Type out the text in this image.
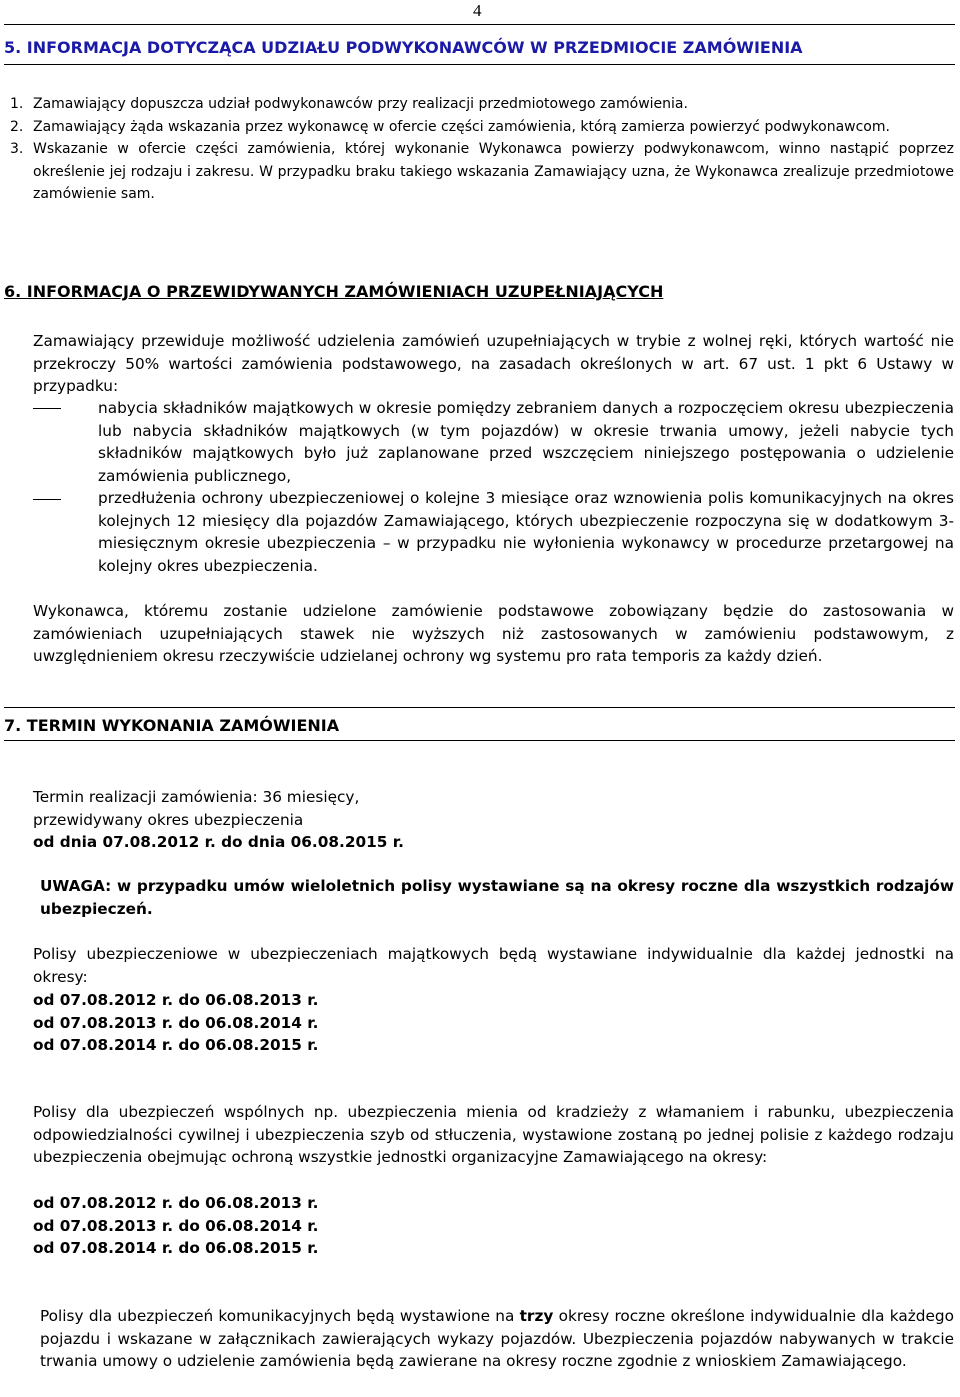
4
5. INFORMACJA DOTYCZĄCA UDZIAŁU PODWYKONAWCÓW W PRZEDMIOCIE ZAMÓWIENIA
1. Zamawiający dopuszcza udział podwykonawców przy realizacji przedmiotowego zamówienia.

2. Zamawiający żąda wskazania przez wykonawcę w ofercie części zamówienia, którą zamierza powierzyć podwykonawcom.

3. Wskazanie w ofercie części zamówienia, której wykonanie Wykonawca powierzy podwykonawcom, winno nastąpić poprzez określenie jej rodzaju i zakresu. W przypadku braku takiego wskazania Zamawiający uzna, że Wykonawca zrealizuje przedmiotowe zamówienie sam.

6. INFORMACJA O PRZEWIDYWANYCH ZAMÓWIENIACH UZUPEŁNIAJĄCYCH

Zamawiający przewiduje możliwość udzielenia zamówień uzupełniających w trybie z wolnej ręki, których wartość nie przekroczy 50% wartości zamówienia podstawowego, na zasadach określonych w art. 67 ust. 1 pkt 6 Ustawy w przypadku:

nabycia składników majątkowych w okresie pomiędzy zebraniem danych a rozpoczęciem okresu ubezpieczenia lub nabycia składników majątkowych (w tym pojazdów) w okresie trwania umowy, jeżeli nabycie tych składników majątkowych było już zaplanowane przed wszczęciem niniejszego postępowania o udzielenie zamówienia publicznego,

przedłużenia ochrony ubezpieczeniowej o kolejne 3 miesiące oraz wznowienia polis komunikacyjnych na okres kolejnych 12 miesięcy dla pojazdów Zamawiającego, których ubezpieczenie rozpoczyna się w dodatkowym 3-miesięcznym okresie ubezpieczenia – w przypadku nie wyłonienia wykonawcy w procedurze przetargowej na kolejny okres ubezpieczenia.

Wykonawca, któremu zostanie udzielone zamówienie podstawowe zobowiązany będzie do zastosowania w zamówieniach uzupełniających stawek nie wyższych niż zastosowanych w zamówieniu podstawowym, z uwzględnieniem okresu rzeczywiście udzielanej ochrony wg systemu pro rata temporis za każdy dzień.

7. TERMIN WYKONANIA ZAMÓWIENIA

Termin realizacji zamówienia: 36 miesięcy,

przewidywany okres ubezpieczenia

od dnia 07.08.2012 r. do dnia 06.08.2015 r.

UWAGA: w przypadku umów wieloletnich polisy wystawiane są na okresy roczne dla wszystkich rodzajów ubezpieczeń.

Polisy ubezpieczeniowe w ubezpieczeniach majątkowych będą wystawiane indywidualnie dla każdej jednostki na okresy:

od 07.08.2012 r. do 06.08.2013 r.

od 07.08.2013 r. do 06.08.2014 r.

od 07.08.2014 r. do 06.08.2015 r.

Polisy dla ubezpieczeń wspólnych np. ubezpieczenia mienia od kradzieży z włamaniem i rabunku, ubezpieczenia odpowiedzialności cywilnej i ubezpieczenia szyb od stłuczenia, wystawione zostaną po jednej polisie z każdego rodzaju ubezpieczenia obejmując ochroną wszystkie jednostki organizacyjne Zamawiającego na okresy:

od 07.08.2012 r. do 06.08.2013 r.

od 07.08.2013 r. do 06.08.2014 r.

od 07.08.2014 r. do 06.08.2015 r.

Polisy dla ubezpieczeń komunikacyjnych będą wystawione na trzy okresy roczne określone indywidualnie dla każdego pojazdu i wskazane w załącznikach zawierających wykazy pojazdów. Ubezpieczenia pojazdów nabywanych w trakcie trwania umowy o udzielenie zamówienia będą zawierane na okresy roczne zgodnie z wnioskiem Zamawiającego.
